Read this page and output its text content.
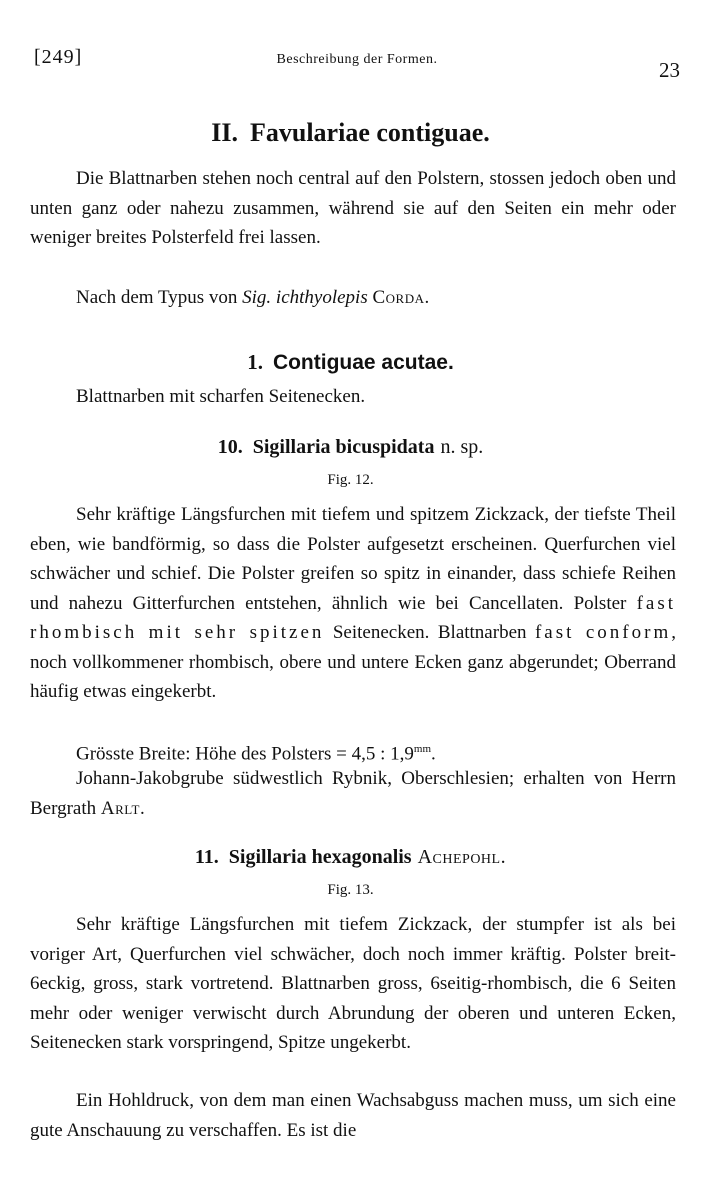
[249]	Beschreibung der Formen.	23
II. Favulariae contiguae.

Die Blattnarben stehen noch central auf den Polstern, stossen jedoch oben und unten ganz oder nahezu zusammen, während sie auf den Seiten ein mehr oder weniger breites Polsterfeld frei lassen.

Nach dem Typus von Sig. ichthyolepis Corda.

1. Contiguae acutae.

Blattnarben mit scharfen Seitenecken.

10. Sigillaria bicuspidata n. sp.
Fig. 12.

Sehr kräftige Längsfurchen mit tiefem und spitzem Zickzack, der tiefste Theil eben, wie bandförmig, so dass die Polster aufgesetzt erscheinen. Querfurchen viel schwächer und schief. Die Polster greifen so spitz in einander, dass schiefe Reihen und nahezu Gitterfurchen entstehen, ähnlich wie bei Cancellaten. Polster fast rhombisch mit sehr spitzen Seitenecken. Blattnarben fast conform, noch vollkommener rhombisch, obere und untere Ecken ganz abgerundet; Oberrand häufig etwas eingekerbt.

Grösste Breite: Höhe des Polsters = 4,5 : $1,9^{mm}$.

Johann-Jakobgrube südwestlich Rybnik, Oberschlesien; erhalten von Herrn Bergrath Arlt.

11. Sigillaria hexagonalis Achepohl.
Fig. 13.

Sehr kräftige Längsfurchen mit tiefem Zickzack, der stumpfer ist als bei voriger Art, Querfurchen viel schwächer, doch noch immer kräftig. Polster breit-6eckig, gross, stark vortretend. Blattnarben gross, 6seitig-rhombisch, die 6 Seiten mehr oder weniger verwischt durch Abrundung der oberen und unteren Ecken, Seitenecken stark vorspringend, Spitze ungekerbt.

Ein Hohldruck, von dem man einen Wachsabguss machen muss, um sich eine gute Anschauung zu verschaffen. Es ist die
